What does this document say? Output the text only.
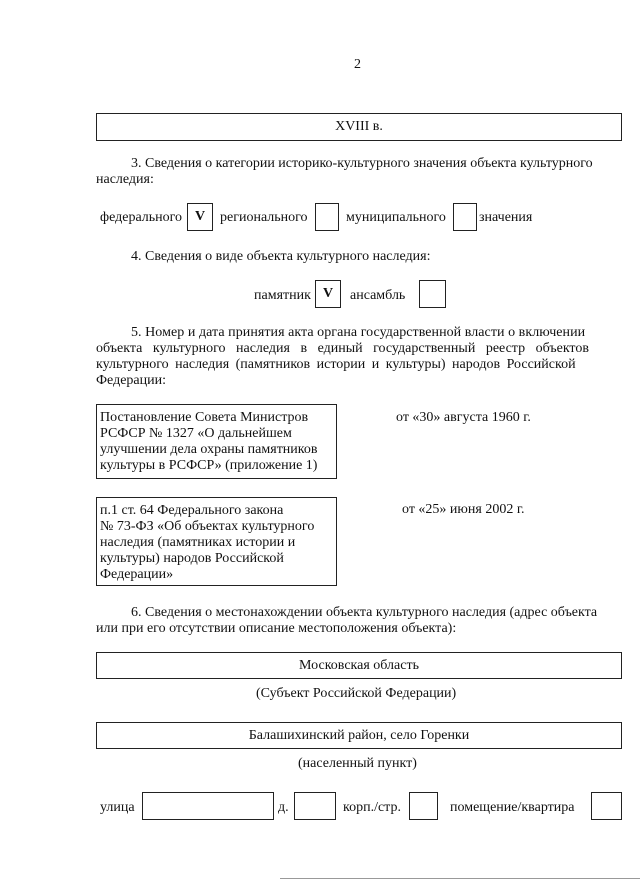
2
XVIII в.
3. Сведения о категории историко-культурного значения объекта культурного
наследия:
федерального V	регионального	муниципального значения
4. Сведения о виде объекта культурного наследия:
памятник V	ансамбль
5. Номер и дата принятия акта органа государственной власти о включении
объекта культурного наследия в единый государственный реестр объектов
культурного наследия (памятников истории и культуры) народов Российской
Федерации:
Постановление Совета Министров
РСФСР № 1327 «О дальнейшем
улучшении дела охраны памятников
культуры в РСФСР» (приложение 1)
от «30» августа 1960 г.
п.1 ст. 64 Федерального закона
№ 73-ФЗ «Об объектах культурного
наследия (памятниках истории и
культуры) народов Российской
Федерации»
от «25» июня 2002 г.
6. Сведения о местонахождении объекта культурного наследия (адрес объекта
или при его отсутствии описание местоположения объекта):
Московская область
(Субъект Российской Федерации)
Балашихинский район, село Горенки
(населенный пункт)
улица	д.	корп./стр.	помещение/квартира
